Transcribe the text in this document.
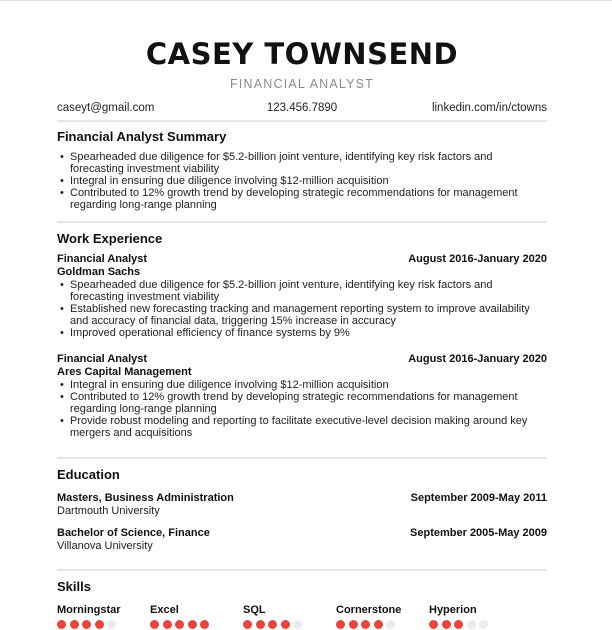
CASEY TOWNSEND
FINANCIAL ANALYST
caseyt@gmail.com	123.456.7890	linkedin.com/in/ctowns
Financial Analyst Summary
• Spearheaded due diligence for $5.2-billion joint venture, identifying key risk factors and forecasting investment viability
• Integral in ensuring due diligence involving $12-million acquisition
• Contributed to 12% growth trend by developing strategic recommendations for management regarding long-range planning
Work Experience
Financial Analyst	August 2016-January 2020
Goldman Sachs
• Spearheaded due diligence for $5.2-billion joint venture, identifying key risk factors and forecasting investment viability
• Established new forecasting tracking and management reporting system to improve availability and accuracy of financial data, triggering 15% increase in accuracy
• Improved operational efficiency of finance systems by 9%
Financial Analyst	August 2016-January 2020
Ares Capital Management
• Integral in ensuring due diligence involving $12-million acquisition
• Contributed to 12% growth trend by developing strategic recommendations for management regarding long-range planning
• Provide robust modeling and reporting to facilitate executive-level decision making around key mergers and acquisitions
Education
Masters, Business Administration	September 2009-May 2011
Dartmouth University
Bachelor of Science, Finance	September 2005-May 2009
Villanova University
Skills
Morningstar	Excel	SQL	Cornerstone	Hyperion
